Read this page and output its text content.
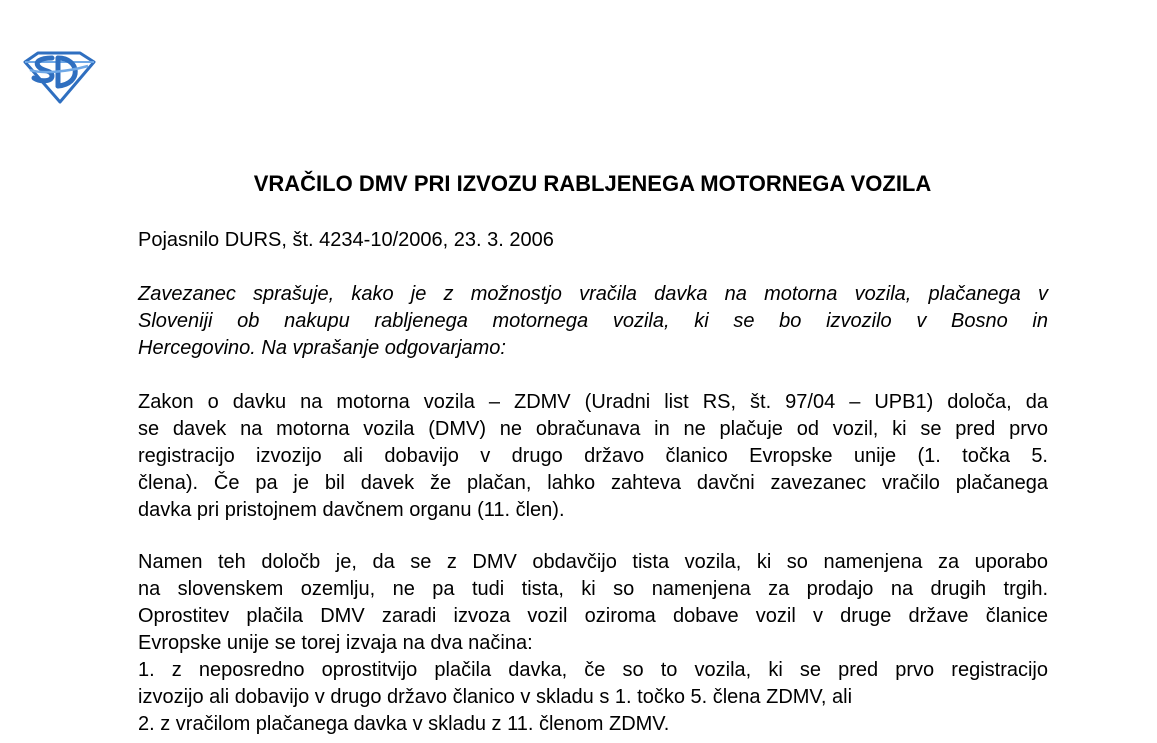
VRAČILO DMV PRI IZVOZU RABLJENEGA MOTORNEGA VOZILA
Pojasnilo DURS, št. 4234-10/2006, 23. 3. 2006
Zavezanec sprašuje, kako je z možnostjo vračila davka na motorna vozila, plačanega v
Sloveniji ob nakupu rabljenega motornega vozila, ki se bo izvozilo v Bosno in
Hercegovino. Na vprašanje odgovarjamo:
Zakon o davku na motorna vozila – ZDMV (Uradni list RS, št. 97/04 – UPB1) določa, da
se davek na motorna vozila (DMV) ne obračunava in ne plačuje od vozil, ki se pred prvo
registracijo izvozijo ali dobavijo v drugo državo članico Evropske unije (1. točka 5.
člena). Če pa je bil davek že plačan, lahko zahteva davčni zavezanec vračilo plačanega
davka pri pristojnem davčnem organu (11. člen).
Namen teh določb je, da se z DMV obdavčijo tista vozila, ki so namenjena za uporabo
na slovenskem ozemlju, ne pa tudi tista, ki so namenjena za prodajo na drugih trgih.
Oprostitev plačila DMV zaradi izvoza vozil oziroma dobave vozil v druge države članice
Evropske unije se torej izvaja na dva načina:
1. z neposredno oprostitvijo plačila davka, če so to vozila, ki se pred prvo registracijo
izvozijo ali dobavijo v drugo državo članico v skladu s 1. točko 5. člena ZDMV, ali
2. z vračilom plačanega davka v skladu z 11. členom ZDMV.
